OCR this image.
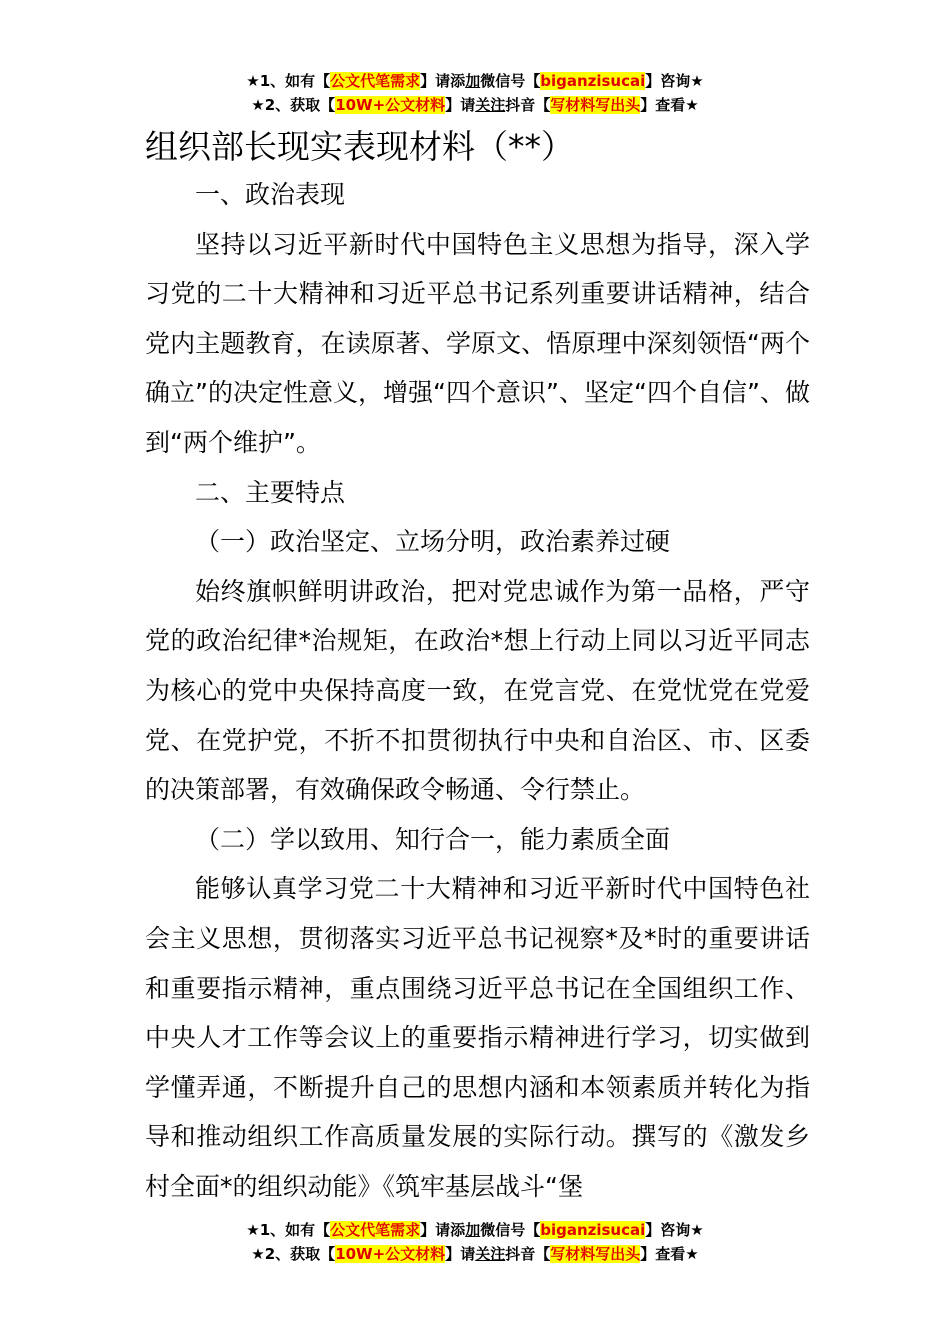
★1、如有【公文代笔需求】请添加微信号【biganzisucai】咨询★
★2、获取【10W+公文材料】请关注抖音【写材料写出头】查看★
组织部长现实表现材料（**）

一、政治表现

坚持以习近平新时代中国特色主义思想为指导，深入学习党的二十大精神和习近平总书记系列重要讲话精神，结合党内主题教育，在读原著、学原文、悟原理中深刻领悟“两个确立”的决定性意义，增强“四个意识”、坚定“四个自信”、做到“两个维护”。

二、主要特点

（一）政治坚定、立场分明，政治素养过硬

始终旗帜鲜明讲政治，把对党忠诚作为第一品格，严守党的政治纪律*治规矩，在政治*想上行动上同以习近平同志为核心的党中央保持高度一致，在党言党、在党忧党在党爱党、在党护党，不折不扣贯彻执行中央和自治区、市、区委的决策部署，有效确保政令畅通、令行禁止。

（二）学以致用、知行合一，能力素质全面

能够认真学习党二十大精神和习近平新时代中国特色社会主义思想，贯彻落实习近平总书记视察*及*时的重要讲话和重要指示精神，重点围绕习近平总书记在全国组织工作、中央人才工作等会议上的重要指示精神进行学习，切实做到学懂弄通，不断提升自己的思想内涵和本领素质并转化为指导和推动组织工作高质量发展的实际行动。撰写的《激发乡村全面*的组织动能》《筑牢基层战斗“堡

★1、如有【公文代笔需求】请添加微信号【biganzisucai】咨询★
★2、获取【10W+公文材料】请关注抖音【写材料写出头】查看★
